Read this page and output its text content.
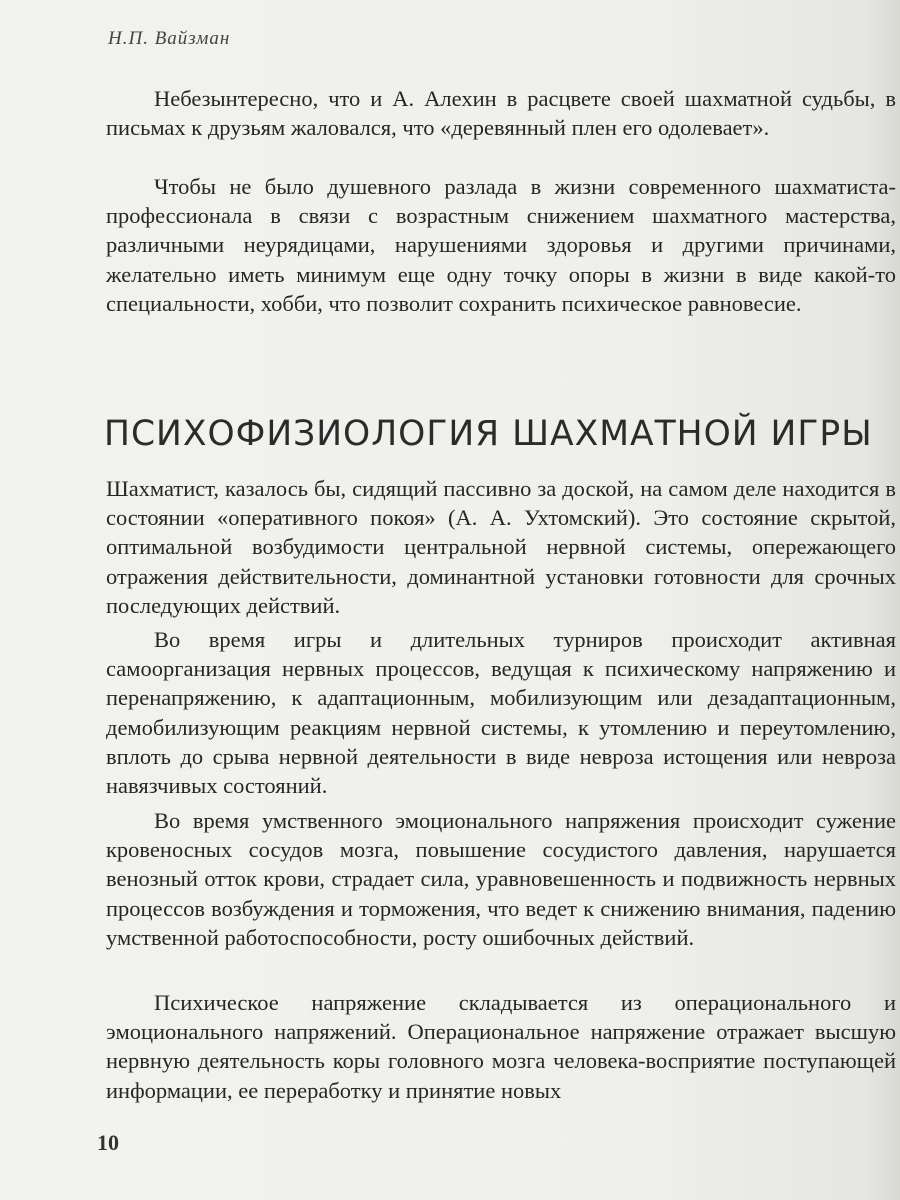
Н.П. Вайзман

Небезынтересно, что и А. Алехин в расцвете своей шахматной судьбы, в письмах к друзьям жаловался, что «деревянный плен его одолевает».

Чтобы не было душевного разлада в жизни современного шахматиста-профессионала в связи с возрастным снижением шахматного мастерства, различными неурядицами, нарушениями здоровья и другими причинами, желательно иметь минимум еще одну точку опоры в жизни в виде какой-то специальности, хобби, что позволит сохранить психическое равновесие.

ПСИХОФИЗИОЛОГИЯ ШАХМАТНОЙ ИГРЫ

Шахматист, казалось бы, сидящий пассивно за доской, на самом деле находится в состоянии «оперативного покоя» (А. А. Ухтомский). Это состояние скрытой, оптимальной возбудимости центральной нервной системы, опережающего отражения действительности, доминантной установки готовности для срочных последующих действий.

Во время игры и длительных турниров происходит активная самоорганизация нервных процессов, ведущая к психическому напряжению и перенапряжению, к адаптационным, мобилизующим или дезадаптационным, демобилизующим реакциям нервной системы, к утомлению и переутомлению, вплоть до срыва нервной деятельности в виде невроза истощения или невроза навязчивых состояний.

Во время умственного эмоционального напряжения происходит сужение кровеносных сосудов мозга, повышение сосудистого давления, нарушается венозный отток крови, страдает сила, уравновешенность и подвижность нервных процессов возбуждения и торможения, что ведет к снижению внимания, падению умственной работоспособности, росту ошибочных действий.

Психическое напряжение складывается из операционального и эмоционального напряжений. Операциональное напряжение отражает высшую нервную деятельность коры головного мозга человека-восприятие поступающей информации, ее переработку и принятие новых

10
